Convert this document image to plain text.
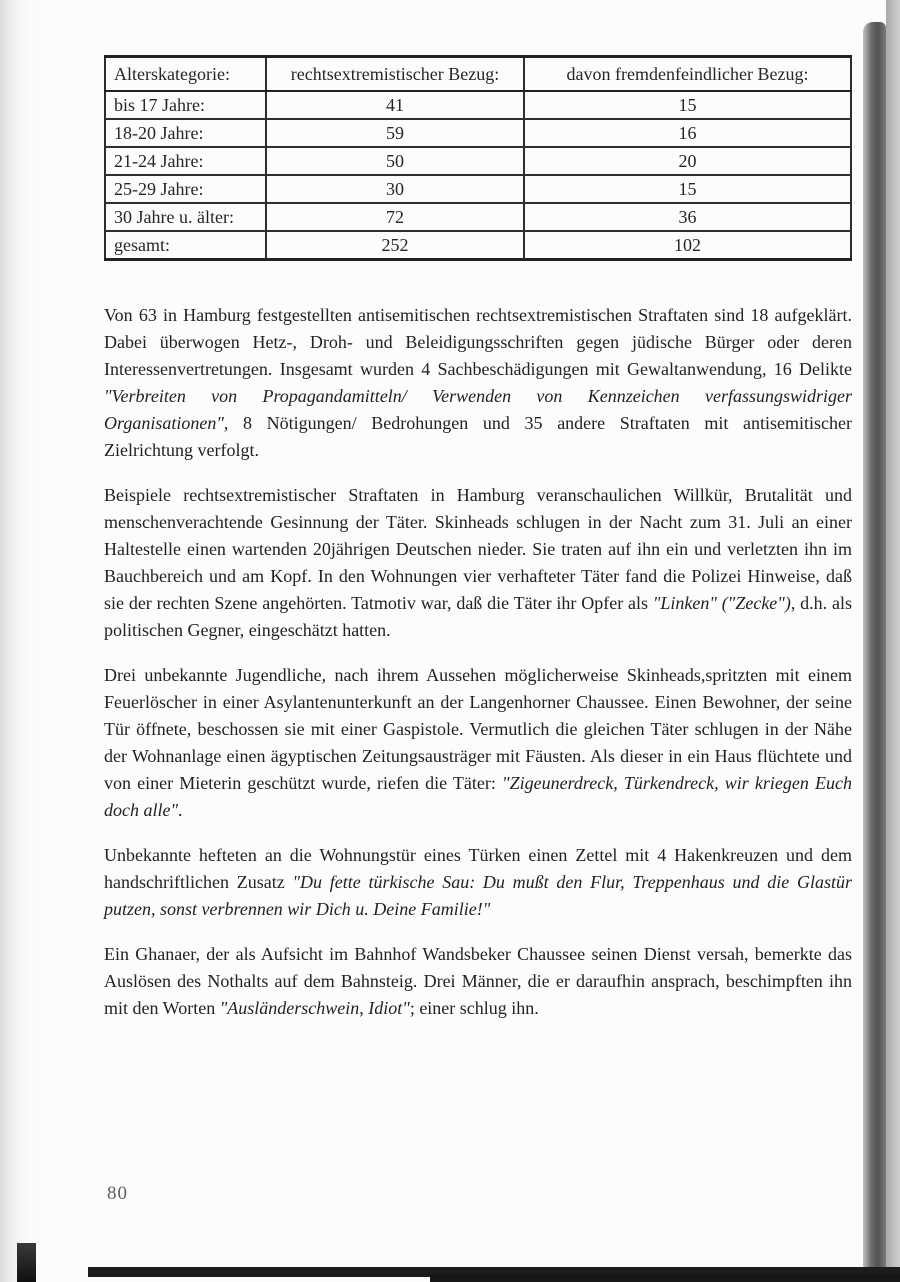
Alterskategorie:	rechtsextremistischer Bezug:	davon fremdenfeindlicher Bezug:
bis 17 Jahre:	41	15
18-20 Jahre:	59	16
21-24 Jahre:	50	20
25-29 Jahre:	30	15
30 Jahre u. älter:	72	36
gesamt:	252	102

Von 63 in Hamburg festgestellten antisemitischen rechtsextremistischen Straftaten sind 18 aufgeklärt. Dabei überwogen Hetz-, Droh- und Beleidigungsschriften gegen jüdische Bürger oder deren Interessenvertretungen. Insgesamt wurden 4 Sachbeschädigungen mit Gewaltanwendung, 16 Delikte "Verbreiten von Propagandamitteln/ Verwenden von Kennzeichen verfassungswidriger Organisationen", 8 Nötigungen/ Bedrohungen und 35 andere Straftaten mit antisemitischer Zielrichtung verfolgt.

Beispiele rechtsextremistischer Straftaten in Hamburg veranschaulichen Willkür, Brutalität und menschenverachtende Gesinnung der Täter. Skinheads schlugen in der Nacht zum 31. Juli an einer Haltestelle einen wartenden 20jährigen Deutschen nieder. Sie traten auf ihn ein und verletzten ihn im Bauchbereich und am Kopf. In den Wohnungen vier verhafteter Täter fand die Polizei Hinweise, daß sie der rechten Szene angehörten. Tatmotiv war, daß die Täter ihr Opfer als "Linken" ("Zecke"), d.h. als politischen Gegner, eingeschätzt hatten.

Drei unbekannte Jugendliche, nach ihrem Aussehen möglicherweise Skinheads,spritzten mit einem Feuerlöscher in einer Asylantenunterkunft an der Langenhorner Chaussee. Einen Bewohner, der seine Tür öffnete, beschossen sie mit einer Gaspistole. Vermutlich die gleichen Täter schlugen in der Nähe der Wohnanlage einen ägyptischen Zeitungsausträger mit Fäusten. Als dieser in ein Haus flüchtete und von einer Mieterin geschützt wurde, riefen die Täter: "Zigeunerdreck, Türkendreck, wir kriegen Euch doch alle".

Unbekannte hefteten an die Wohnungstür eines Türken einen Zettel mit 4 Hakenkreuzen und dem handschriftlichen Zusatz "Du fette türkische Sau: Du mußt den Flur, Treppenhaus und die Glastür putzen, sonst verbrennen wir Dich u. Deine Familie!"

Ein Ghanaer, der als Aufsicht im Bahnhof Wandsbeker Chaussee seinen Dienst versah, bemerkte das Auslösen des Nothalts auf dem Bahnsteig. Drei Männer, die er daraufhin ansprach, beschimpften ihn mit den Worten "Ausländerschwein, Idiot"; einer schlug ihn.

80
